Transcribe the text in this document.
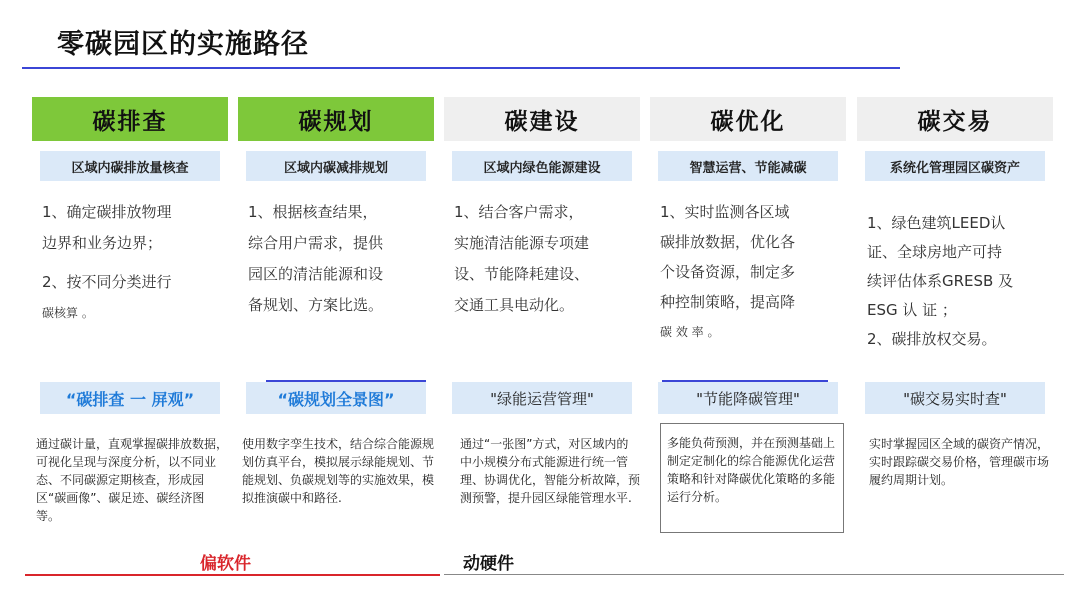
零碳园区的实施路径
碳排查
区域内碳排放量核查
1、确定碳排放物理
边界和业务边界；
2、按不同分类进行
碳核算 。
“碳排查 一 屏观”
通过碳计量，直观掌握碳排放数据，可视化呈现与深度分析，以不同业态、不同碳源定期核查，形成园区“碳画像”、碳足迹、碳经济图等。
碳规划
区域内碳减排规划
1、根据核查结果，
综合用户需求，提供
园区的清洁能源和设
备规划、方案比选。
“碳规划全景图”
使用数字孪生技术，结合综合能源规划仿真平台，模拟展示绿能规划、节能规划、负碳规划等的实施效果，模拟推演碳中和路径.
碳建设
区域内绿色能源建设
1、结合客户需求，
实施清洁能源专项建
设、节能降耗建设、
交通工具电动化。
"绿能运营管理"
通过“一张图”方式，对区域内的中小规模分布式能源进行统一管理、协调优化，智能分析故障，预测预警，提升园区绿能管理水平.
碳优化
智慧运营、节能减碳
1、实时监测各区域
碳排放数据，优化各
个设备资源，制定多
种控制策略，提高降
碳 效 率 。
"节能降碳管理"
多能负荷预测，并在预测基础上制定定制化的综合能源优化运营策略和针对降碳优化策略的多能运行分析。
碳交易
系统化管理园区碳资产
1、绿色建筑LEED认
证、全球房地产可持
续评估体系GRESB 及
ESG 认 证 ；
2、碳排放权交易。
"碳交易实时查"
实时掌握园区全域的碳资产情况，实时跟踪碳交易价格，管理碳市场履约周期计划。
偏软件	动硬件
